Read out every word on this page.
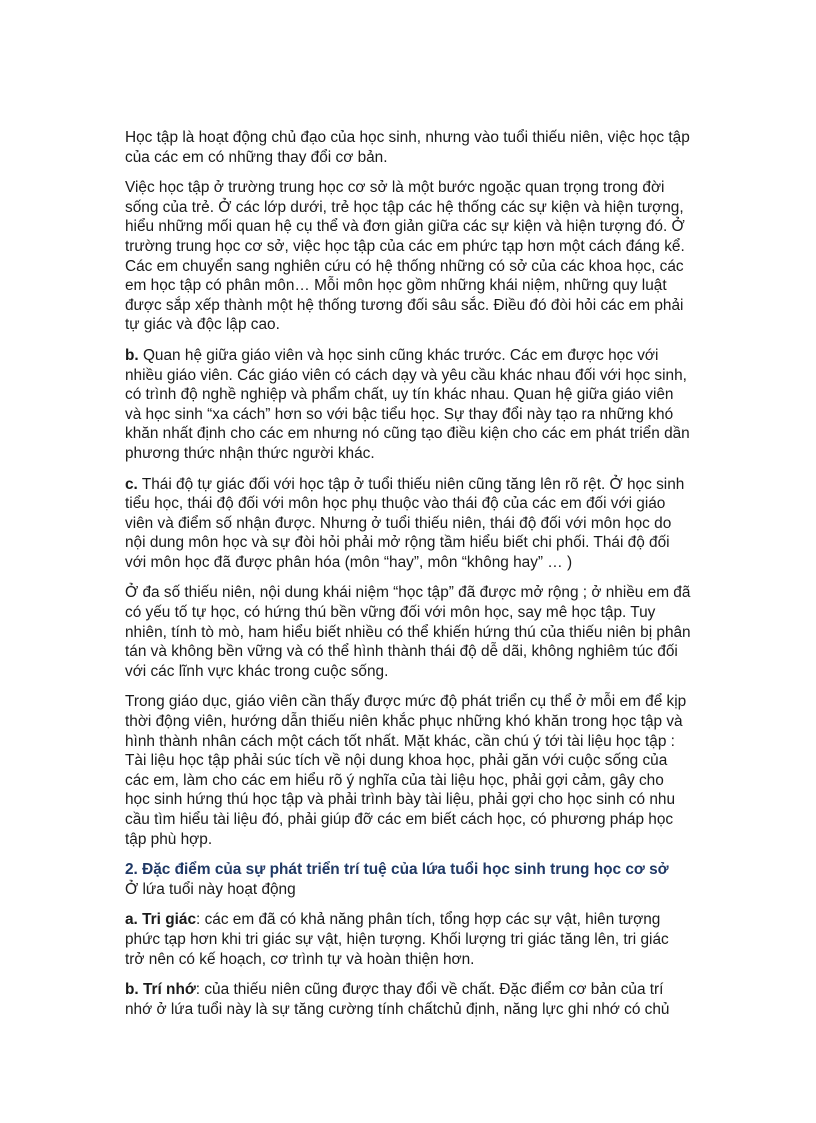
Học tập là hoạt động chủ đạo của học sinh, nhưng vào tuổi thiếu niên, việc học tập của các em có những thay đổi cơ bản.

Việc học tập ở trường trung học cơ sở là một bước ngoặc quan trọng trong đời sống của trẻ. Ở các lớp dưới, trẻ học tập các hệ thống các sự kiện và hiện tượng, hiểu những mối quan hệ cụ thể và đơn giản giữa các sự kiện và hiện tượng đó. Ở trường trung học cơ sở, việc học tập của các em phức tạp hơn một cách đáng kể. Các em chuyển sang nghiên cứu có hệ thống những có sở của các khoa học, các em học tập có phân môn… Mỗi môn học gồm những khái niệm, những quy luật được sắp xếp thành một hệ thống tương đối sâu sắc. Điều đó đòi hỏi các em phải tự giác và độc lập cao.

b. Quan hệ giữa giáo viên và học sinh cũng khác trước. Các em được học với nhiều giáo viên. Các giáo viên có cách dạy và yêu cầu khác nhau đối với học sinh, có trình độ nghề nghiệp và phẩm chất, uy tín khác nhau. Quan hệ giữa giáo viên và học sinh “xa cách” hơn so với bậc tiểu học. Sự thay đổi này tạo ra những khó khăn nhất định cho các em nhưng nó cũng tạo điều kiện cho các em phát triển dần phương thức nhận thức người khác.

c. Thái độ tự giác đối với học tập ở tuổi thiếu niên cũng tăng lên rõ rệt. Ở học sinh tiểu học, thái độ đối với môn học phụ thuộc vào thái độ của các em đối với giáo viên và điểm số nhận được. Nhưng ở tuổi thiếu niên, thái độ đối với môn học do nội dung môn học và sự đòi hỏi phải mở rộng tầm hiểu biết chi phối. Thái độ đối với môn học đã được phân hóa (môn “hay”, môn “không hay” … )

Ở đa số thiếu niên, nội dung khái niệm “học tập” đã được mở rộng ; ở nhiều em đã có yếu tố tự học, có hứng thú bền vững đối với môn học, say mê học tập. Tuy nhiên, tính tò mò, ham hiểu biết nhiều có thể khiến hứng thú của thiếu niên bị phân tán và không bền vững và có thể hình thành thái độ dễ dãi, không nghiêm túc đối với các lĩnh vực khác trong cuộc sống.

Trong giáo dục, giáo viên cần thấy được mức độ phát triển cụ thể ở mỗi em để kịp thời động viên, hướng dẫn thiếu niên khắc phục những khó khăn trong học tập và hình thành nhân cách một cách tốt nhất. Mặt khác, cần chú ý tới tài liệu học tập : Tài liệu học tập phải súc tích về nội dung khoa học, phải găn với cuộc sống của các em, làm cho các em hiểu rõ ý nghĩa của tài liệu học, phải gợi cảm, gây cho học sinh hứng thú học tập và phải trình bày tài liệu, phải gợi cho học sinh có nhu cầu tìm hiểu tài liệu đó, phải giúp đỡ các em biết cách học, có phương pháp học tập phù hợp.

2. Đặc điểm của sự phát triển trí tuệ của lứa tuổi học sinh trung học cơ sở
Ở lứa tuổi này hoạt động

a. Tri giác: các em đã có khả năng phân tích, tổng hợp các sự vật, hiên tượng phức tạp hơn khi tri giác sự vật, hiện tượng. Khối lượng tri giác tăng lên, tri giác trở nên có kế hoạch, cơ trình tự và hoàn thiện hơn.

b. Trí nhớ: của thiếu niên cũng được thay đổi về chất. Đặc điểm cơ bản của trí nhớ ở lứa tuổi này là sự tăng cường tính chấtchủ định, năng lực ghi nhớ có chủ
